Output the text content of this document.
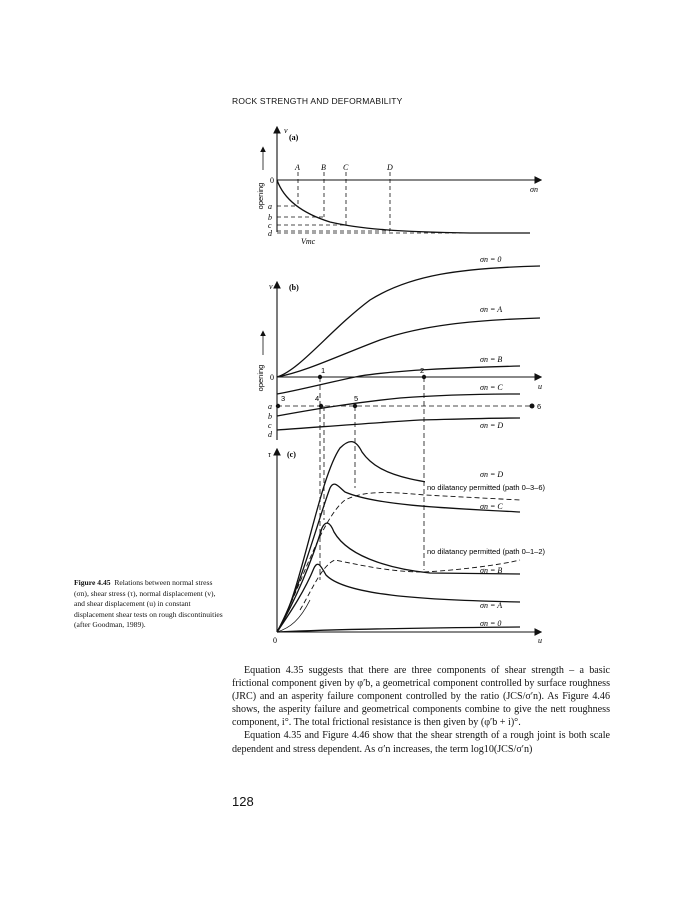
ROCK STRENGTH AND DEFORMABILITY
v
(a)
σn
0
opening
A	B C	D
a
b
c
d
Vmc
v (b)
u
0
opening	1	2
3	4	5
6
a
b
c
d
σn = 0
σn = A
σn = B
σn = C
σn = D
τ (c)
u
0
no dilatancy permitted (path 0–3–6)
no dilatancy permitted (path 0–1–2)
σn = D
σn = C
σn = B
σn = A
σn = 0
Figure 4.45 Relations between normal stress (σn), shear stress (τ), normal displacement (v), and shear displacement (u) in constant displacement shear tests on rough discontinuities (after Goodman, 1989).

Equation 4.35 suggests that there are three components of shear strength – a basic frictional component given by φ′b, a geometrical component controlled by surface roughness (JRC) and an asperity failure component controlled by the ratio (JCS/σ′n). As Figure 4.46 shows, the asperity failure and geometrical components combine to give the nett roughness component, i°. The total frictional resistance is then given by (φ′b + i)°.

Equation 4.35 and Figure 4.46 show that the shear strength of a rough joint is both scale dependent and stress dependent. As σ′n increases, the term log10(JCS/σ′n)

128
